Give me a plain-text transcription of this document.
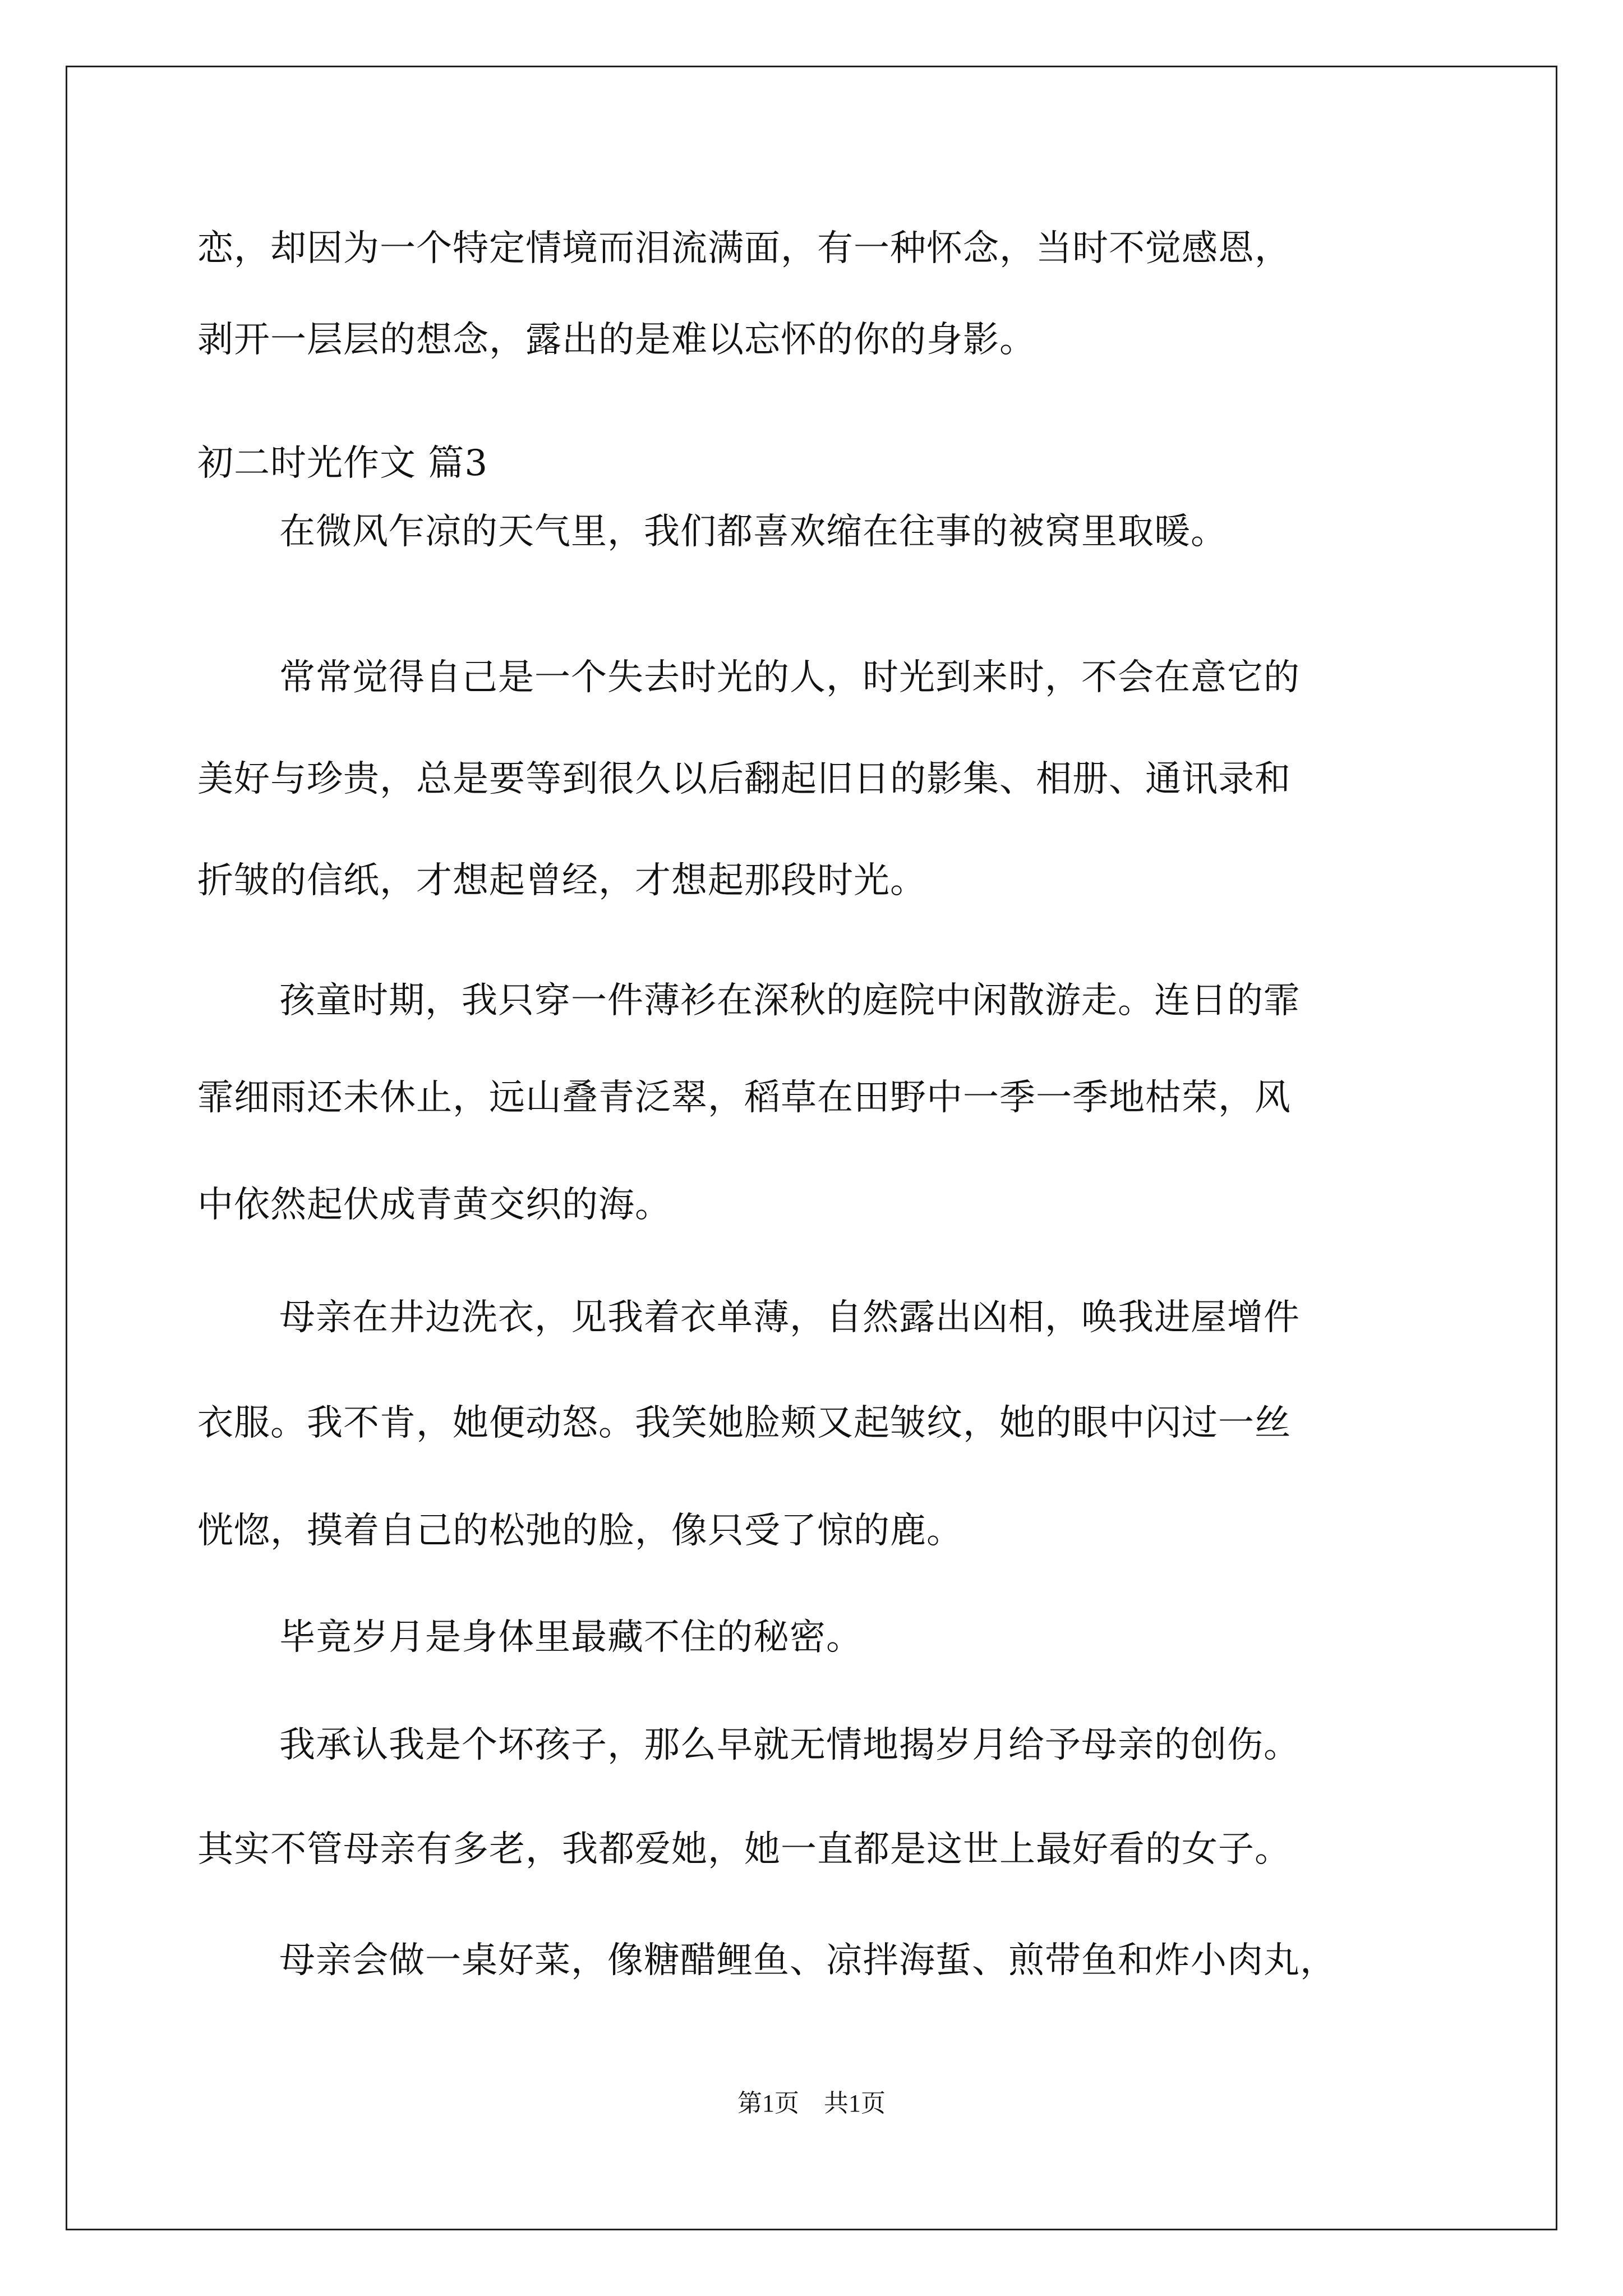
恋，却因为一个特定情境而泪流满面，有一种怀念，当时不觉感恩，
剥开一层层的想念，露出的是难以忘怀的你的身影。
初二时光作文 篇3
在微风乍凉的天气里，我们都喜欢缩在往事的被窝里取暖。
常常觉得自己是一个失去时光的人，时光到来时，不会在意它的
美好与珍贵，总是要等到很久以后翻起旧日的影集、相册、通讯录和
折皱的信纸，才想起曾经，才想起那段时光。
孩童时期，我只穿一件薄衫在深秋的庭院中闲散游走。连日的霏
霏细雨还未休止，远山叠青泛翠，稻草在田野中一季一季地枯荣，风
中依然起伏成青黄交织的海。
母亲在井边洗衣，见我着衣单薄，自然露出凶相，唤我进屋增件
衣服。我不肯，她便动怒。我笑她脸颊又起皱纹，她的眼中闪过一丝
恍惚，摸着自己的松弛的脸，像只受了惊的鹿。
毕竟岁月是身体里最藏不住的秘密。
我承认我是个坏孩子，那么早就无情地揭岁月给予母亲的创伤。
其实不管母亲有多老，我都爱她，她一直都是这世上最好看的女子。
母亲会做一桌好菜，像糖醋鲤鱼、凉拌海蜇、煎带鱼和炸小肉丸，
第1页　共1页
